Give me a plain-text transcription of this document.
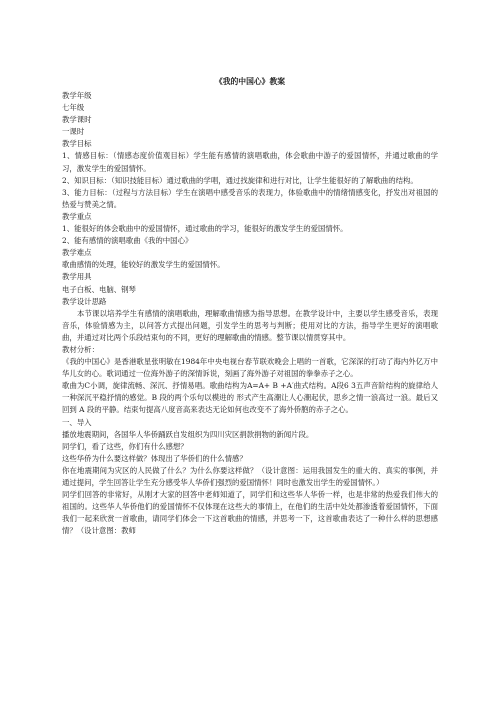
《我的中国心》教案
教学年级
七年级
教学课时
一课时
教学目标
1、情感目标：（情感态度价值观目标）学生能有感情的演唱歌曲，体会歌曲中游子的爱国情怀，并通过歌曲的学习，激发学生的爱国情怀。
2、知识目标：（知识技能目标）通过歌曲的学唱，通过找旋律和进行对比，让学生能很好的了解歌曲的结构。
3、能力目标：（过程与方法目标）学生在演唱中感受音乐的表现力，体验歌曲中的情绪情感变化，抒发出对祖国的热爱与赞美之情。
教学重点
1、能很好的体会歌曲中的爱国情怀，通过歌曲的学习，能很好的激发学生的爱国情怀。
2、能有感情的演唱歌曲《我的中国心》
教学难点
歌曲感情的处理，能较好的激发学生的爱国情怀。
教学用具
电子白板、电脑、钢琴
教学设计思路
本节课以培养学生有感情的演唱歌曲，理解歌曲情感为指导思想。在教学设计中，主要以学生感受音乐，表现音乐，体验情感为主，以问答方式提出问题，引发学生的思考与判断；使用对比的方法，指导学生更好的演唱歌曲，并通过对比两个乐段结束句的不同，更好的理解歌曲的情感。整节课以情贯穿其中。
教材分析：
《我的中国心》是香港歌星张明敏在1984年中央电视台春节联欢晚会上唱的一首歌，它深深的打动了海内外亿万中华儿女的心。歌词通过一位海外游子的深情诉说，刻画了海外游子对祖国的拳拳赤子之心。
歌曲为C小调，旋律流畅、深沉、抒情易唱。歌曲结构为A=A+ B +A′曲式结构。A段6 3五声音阶结构的旋律给人一种深沉平稳抒情的感觉。B 段的两个乐句以模进的 形式产生高潮让人心潮起伏，思乡之情一浪高过一浪。最后又回到 A 段的平静。结束句提高八度音高来表达无论如何也改变不了海外侨胞的赤子之心。
一、导入
播放地震期间，各国华人华侨踊跃自发组织为四川灾区捐款捐物的新闻片段。
同学们，看了这些，你们有什么感想？
这些华侨为什么要这样做？体现出了华侨们的什么情感？
你在地震期间为灾区的人民做了什么？为什么你要这样做？（设计意图：运用我国发生的重大的、真实的事例，并通过提问，学生回答让学生充分感受华人华侨们强烈的爱国情怀！同时也激发出学生的爱国情怀。）
同学们回答的非常好，从刚才大家的回答中老师知道了，同学们和这些华人华侨一样，也是非常的热爱我们伟大的祖国的。这些华人华侨他们的爱国情怀不仅体现在这些大的事情上，在他们的生活中处处都渗透着爱国情怀，下面我们一起来欣赏一首歌曲，请同学们体会一下这首歌曲的情感，并思考一下，这首歌曲表达了一种什么样的思想感情？（设计意图：教师
